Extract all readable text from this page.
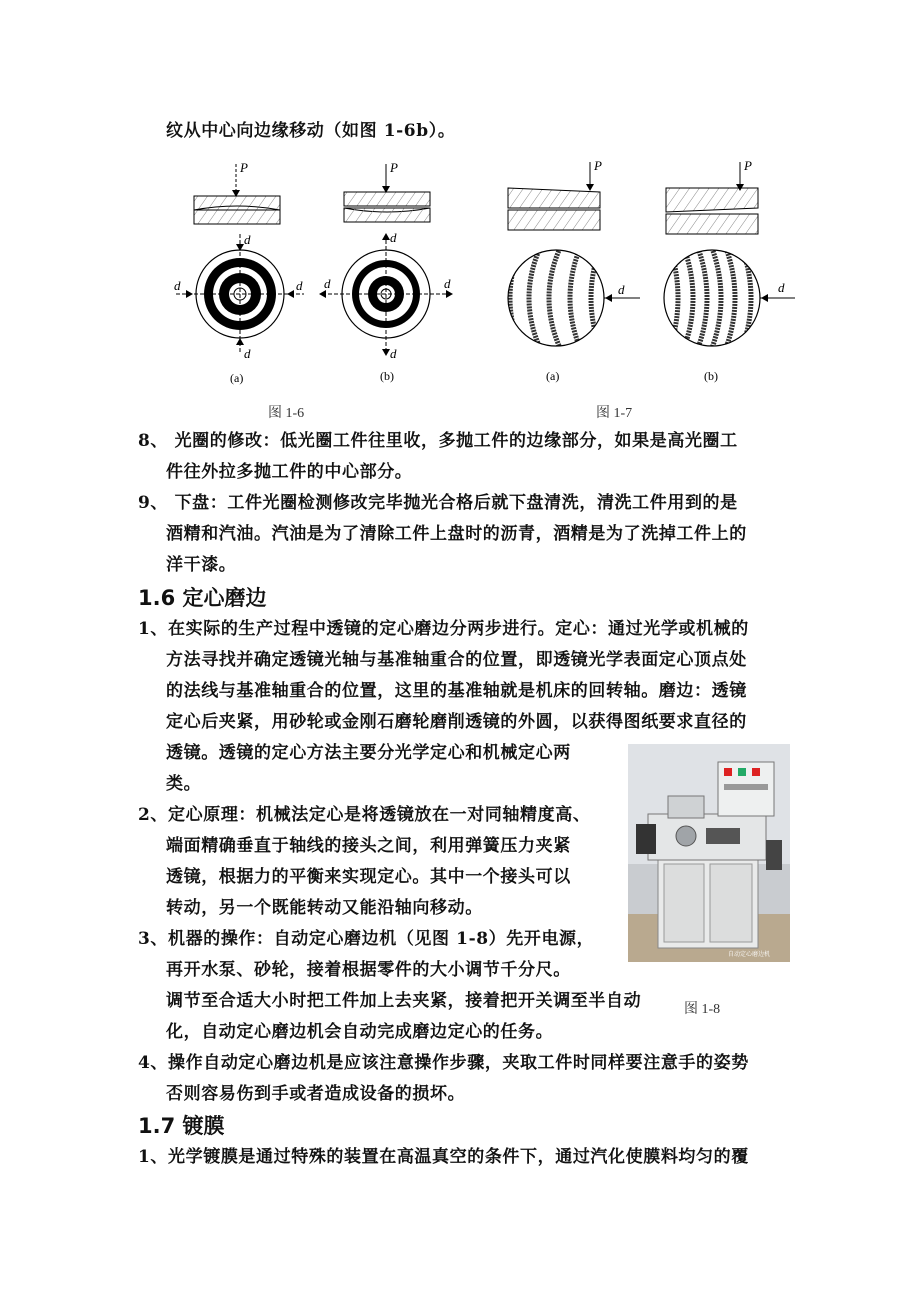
纹从中心向边缘移动（如图 1-6b）。
P	P
d
d
d	d
d
d
d	d
(a)	(b)
P	P
d	d
(a)	(b)
图 1-6	图 1-7
8、 光圈的修改：低光圈工件往里收，多抛工件的边缘部分，如果是高光圈工
件往外拉多抛工件的中心部分。
9、 下盘：工件光圈检测修改完毕抛光合格后就下盘清洗，清洗工件用到的是
酒精和汽油。汽油是为了清除工件上盘时的沥青，酒精是为了洗掉工件上的
洋干漆。
1.6 定心磨边
1、在实际的生产过程中透镜的定心磨边分两步进行。定心：通过光学或机械的
方法寻找并确定透镜光轴与基准轴重合的位置，即透镜光学表面定心顶点处
的法线与基准轴重合的位置，这里的基准轴就是机床的回转轴。磨边：透镜
定心后夹紧，用砂轮或金刚石磨轮磨削透镜的外圆，以获得图纸要求直径的
透镜。透镜的定心方法主要分光学定心和机械定心两
类。
2、定心原理：机械法定心是将透镜放在一对同轴精度高、
端面精确垂直于轴线的接头之间，利用弹簧压力夹紧
透镜，根据力的平衡来实现定心。其中一个接头可以
转动，另一个既能转动又能沿轴向移动。
3、机器的操作：自动定心磨边机（见图 1-8）先开电源，
再开水泵、砂轮，接着根据零件的大小调节千分尺。
调节至合适大小时把工件加上去夹紧，接着把开关调至半自动
化，自动定心磨边机会自动完成磨边定心的任务。
4、操作自动定心磨边机是应该注意操作步骤，夹取工件时同样要注意手的姿势
否则容易伤到手或者造成设备的损坏。
1.7 镀膜
1、光学镀膜是通过特殊的装置在高温真空的条件下，通过汽化使膜料均匀的覆
自动定心磨边机
图 1-8
